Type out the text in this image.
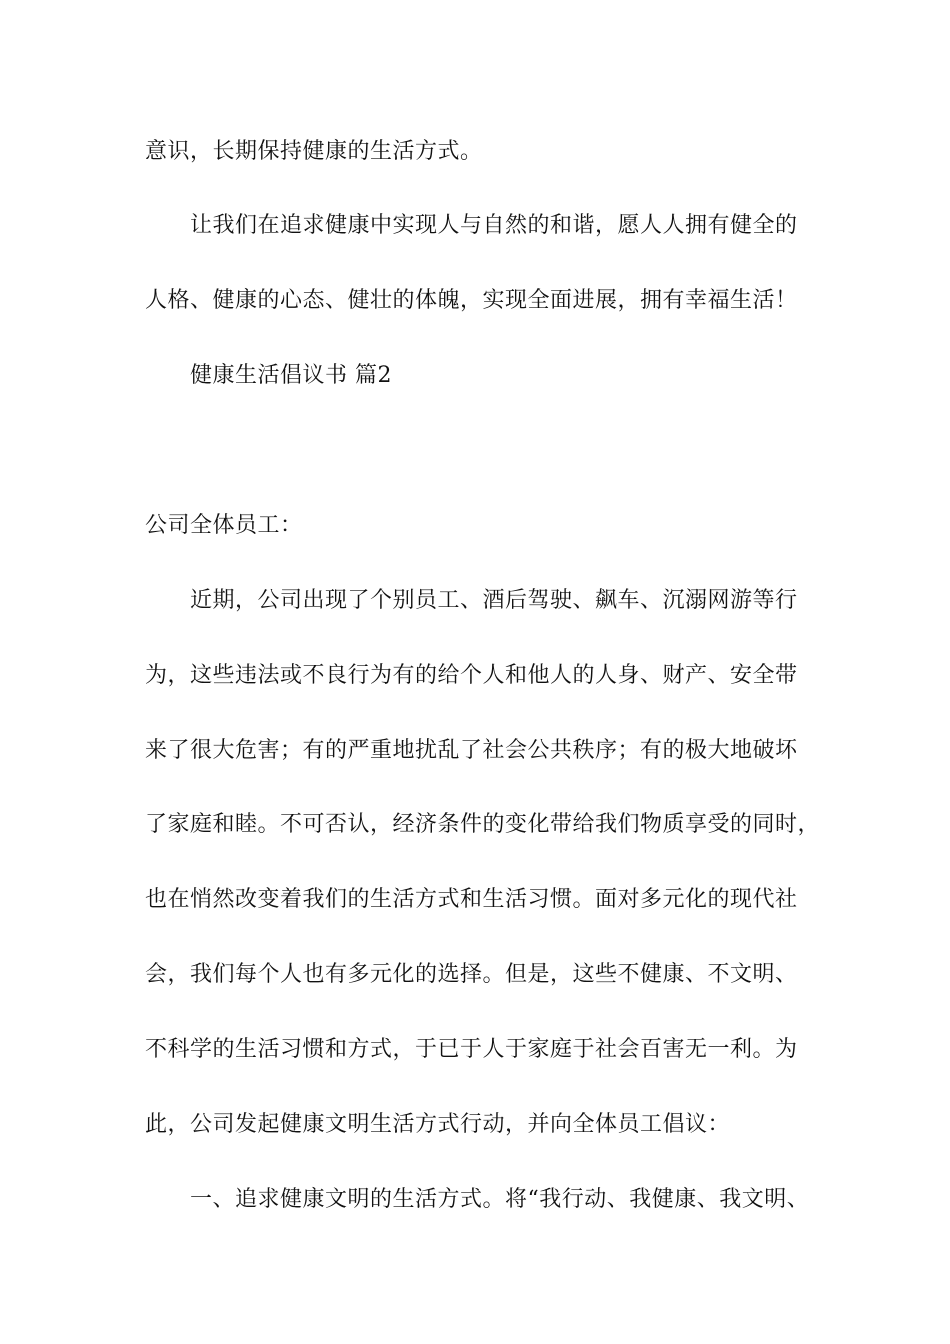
意识，长期保持健康的生活方式。
让我们在追求健康中实现人与自然的和谐，愿人人拥有健全的
人格、健康的心态、健壮的体魄，实现全面进展，拥有幸福生活！
健康生活倡议书 篇2
公司全体员工：
近期，公司出现了个别员工、酒后驾驶、飙车、沉溺网游等行
为，这些违法或不良行为有的给个人和他人的人身、财产、安全带
来了很大危害；有的严重地扰乱了社会公共秩序；有的极大地破坏
了家庭和睦。不可否认，经济条件的变化带给我们物质享受的同时，
也在悄然改变着我们的生活方式和生活习惯。面对多元化的现代社
会，我们每个人也有多元化的选择。但是，这些不健康、不文明、
不科学的生活习惯和方式，于已于人于家庭于社会百害无一利。为
此，公司发起健康文明生活方式行动，并向全体员工倡议：
一、追求健康文明的生活方式。将“我行动、我健康、我文明、
